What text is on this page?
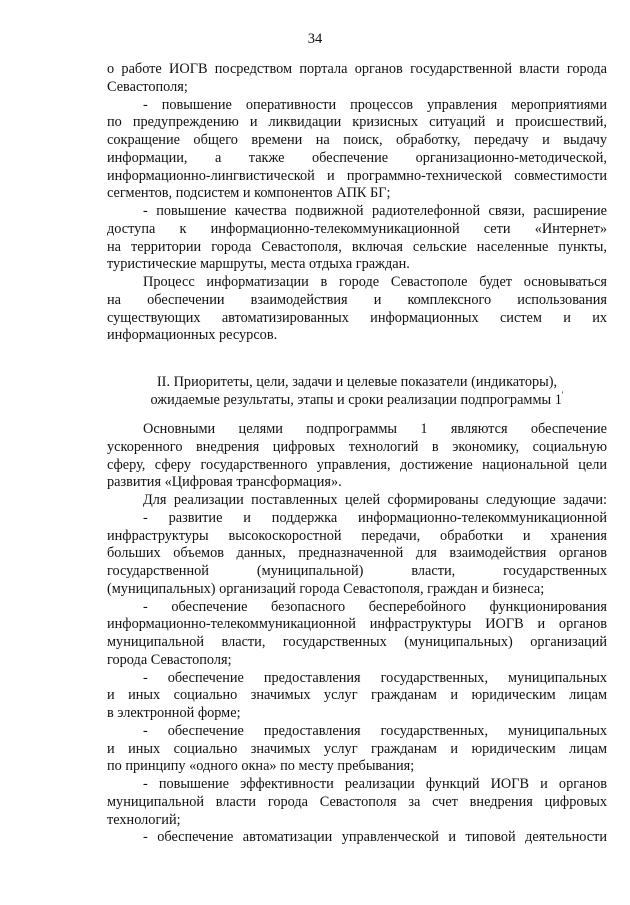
34
о работе ИОГВ посредством портала органов государственной власти города
Севастополя;
- повышение оперативности процессов управления мероприятиями
по предупреждению и ликвидации кризисных ситуаций и происшествий,
сокращение общего времени на поиск, обработку, передачу и выдачу
информации, а также обеспечение организационно-методической,
информационно-лингвистической и программно-технической совместимости
сегментов, подсистем и компонентов АПК БГ;
- повышение качества подвижной радиотелефонной связи, расширение
доступа к информационно-телекоммуникационной сети «Интернет»
на территории города Севастополя, включая сельские населенные пункты,
туристические маршруты, места отдыха граждан.
Процесс информатизации в городе Севастополе будет основываться
на обеспечении взаимодействия и комплексного использования
существующих автоматизированных информационных систем и их
информационных ресурсов.
II. Приоритеты, цели, задачи и целевые показатели (индикаторы),
ожидаемые результаты, этапы и сроки реализации подпрограммы 1'
Основными целями подпрограммы 1 являются обеспечение
ускоренного внедрения цифровых технологий в экономику, социальную
сферу, сферу государственного управления, достижение национальной цели
развития «Цифровая трансформация».
Для реализации поставленных целей сформированы следующие задачи:
- развитие и поддержка информационно-телекоммуникационной
инфраструктуры высокоскоростной передачи, обработки и хранения
больших объемов данных, предназначенной для взаимодействия органов
государственной (муниципальной) власти, государственных
(муниципальных) организаций города Севастополя, граждан и бизнеса;
- обеспечение безопасного бесперебойного функционирования
информационно-телекоммуникационной инфраструктуры ИОГВ и органов
муниципальной власти, государственных (муниципальных) организаций
города Севастополя;
- обеспечение предоставления государственных, муниципальных
и иных социально значимых услуг гражданам и юридическим лицам
в электронной форме;
- обеспечение предоставления государственных, муниципальных
и иных социально значимых услуг гражданам и юридическим лицам
по принципу «одного окна» по месту пребывания;
- повышение эффективности реализации функций ИОГВ и органов
муниципальной власти города Севастополя за счет внедрения цифровых
технологий;
- обеспечение автоматизации управленческой и типовой деятельности
